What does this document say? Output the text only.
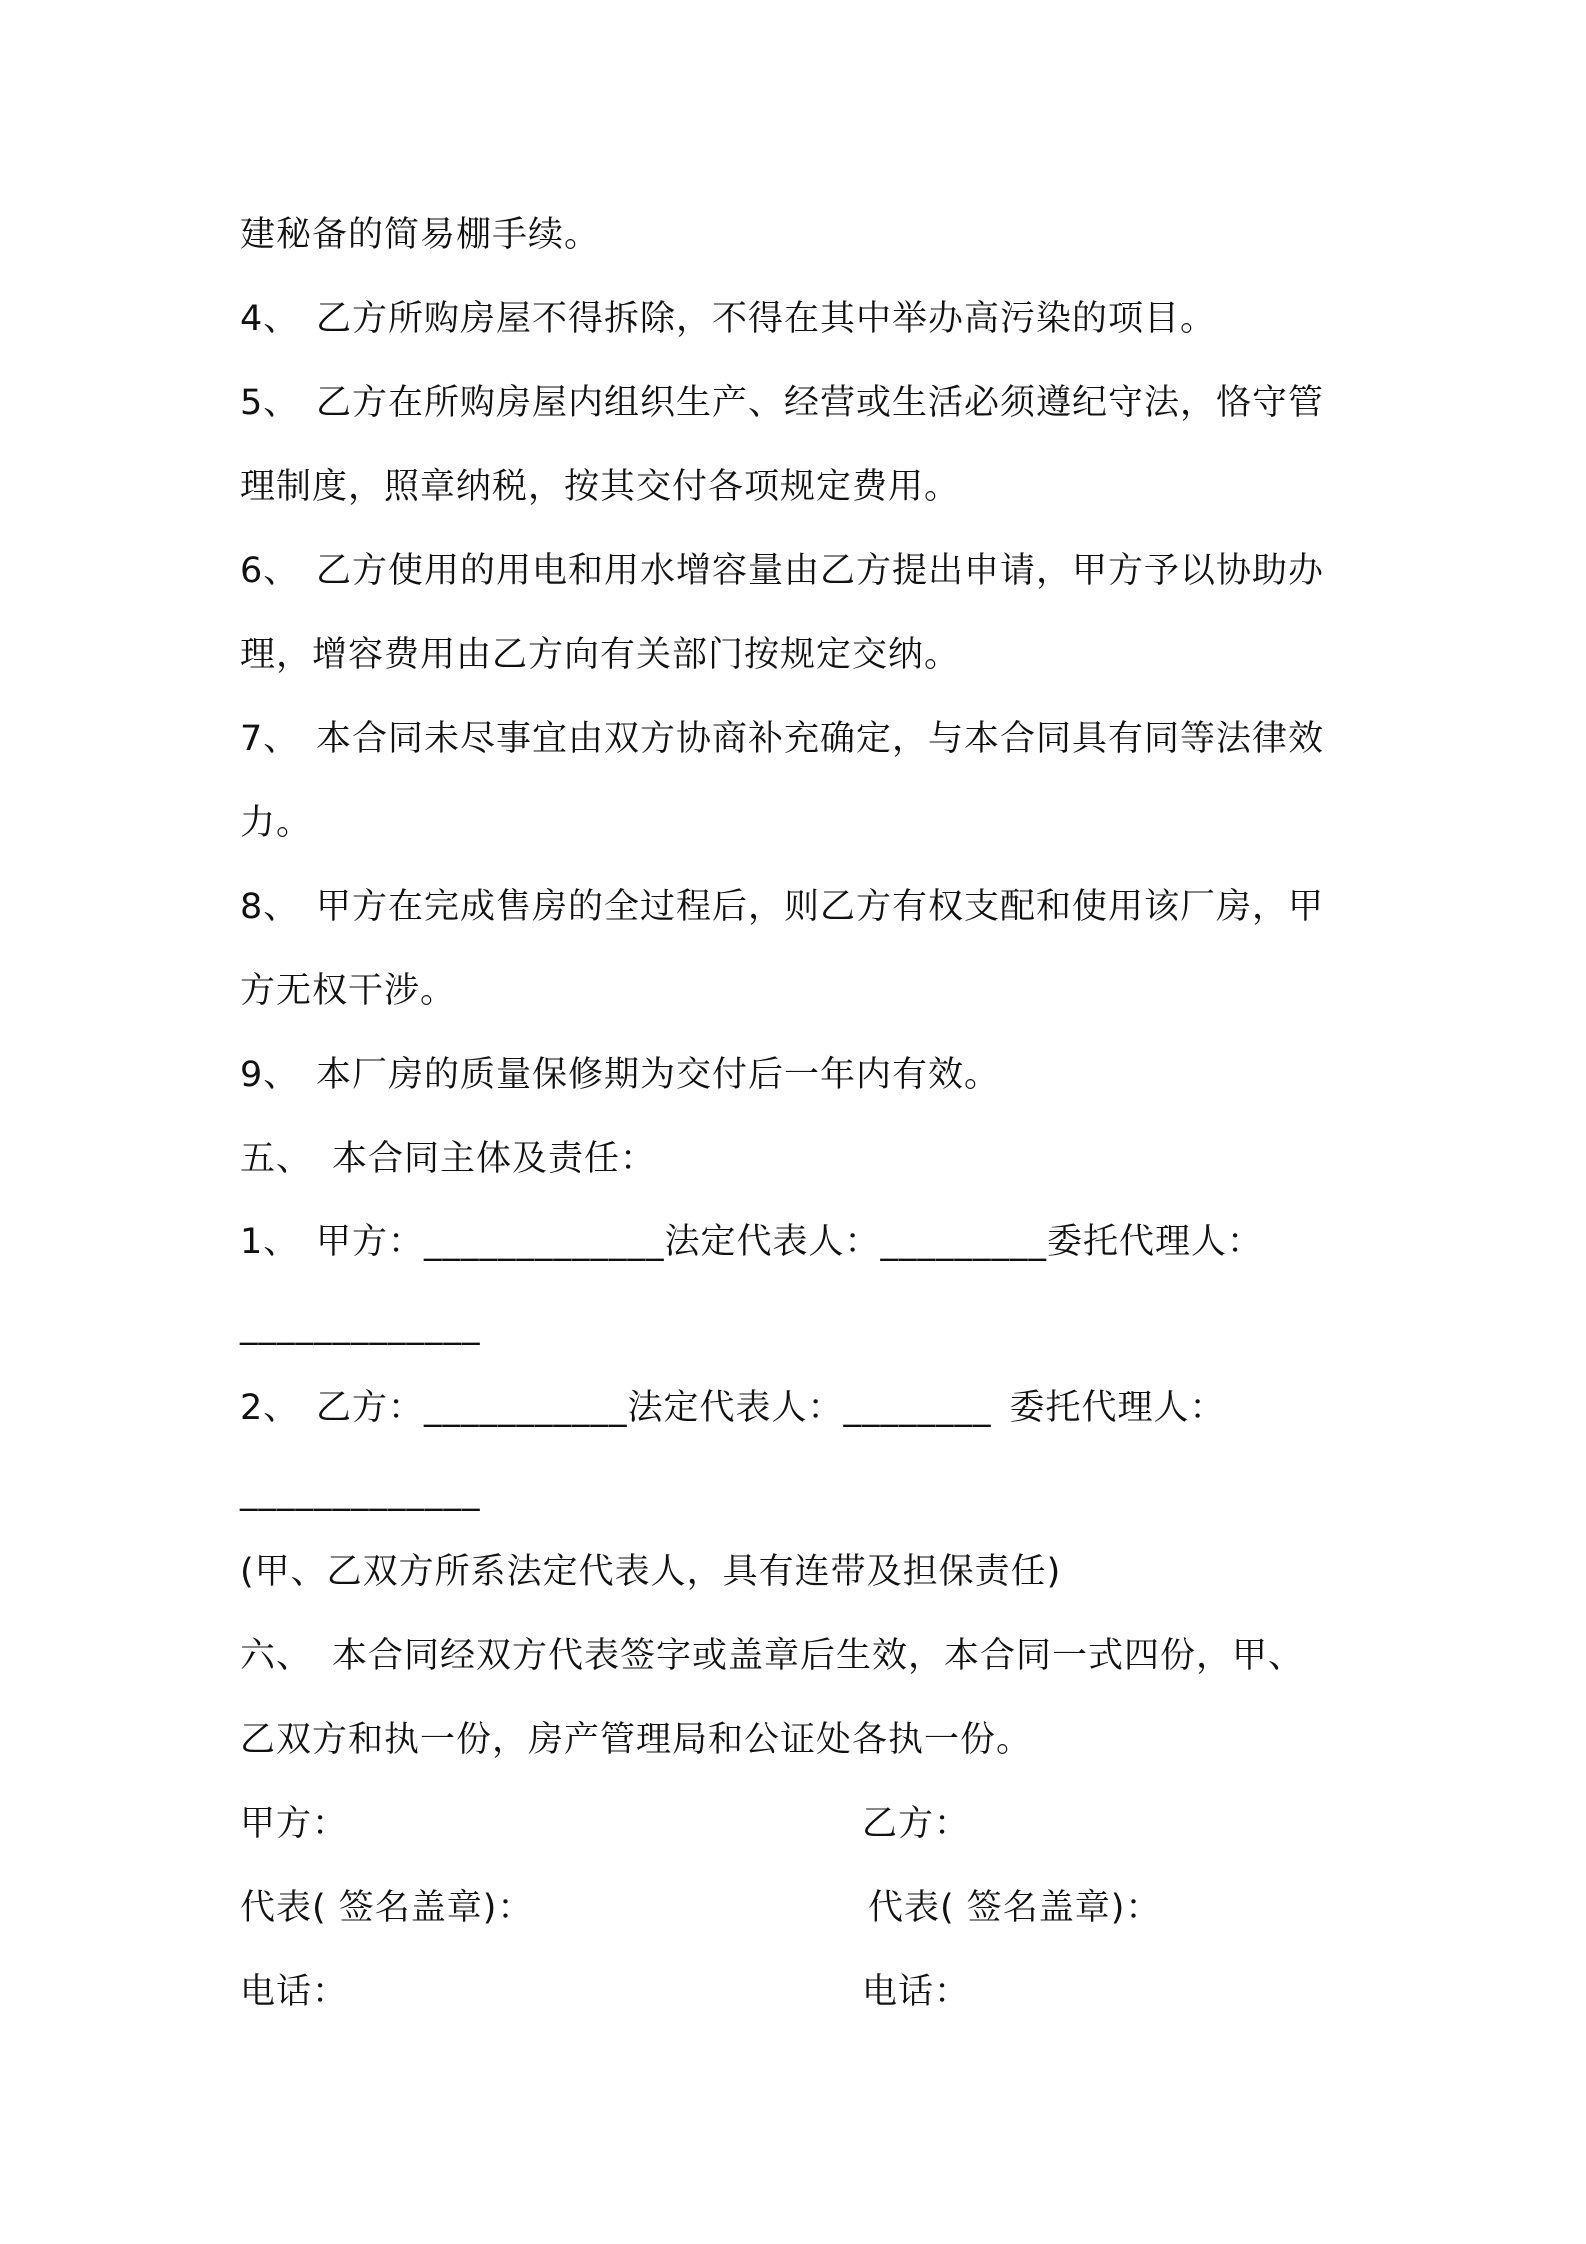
建秘备的简易棚手续。
4、 乙方所购房屋不得拆除，不得在其中举办高污染的项目。
5、 乙方在所购房屋内组织生产、经营或生活必须遵纪守法，恪守管
理制度，照章纳税，按其交付各项规定费用。
6、 乙方使用的用电和用水增容量由乙方提出申请，甲方予以协助办
理，增容费用由乙方向有关部门按规定交纳。
7、 本合同未尽事宜由双方协商补充确定，与本合同具有同等法律效
力。
8、 甲方在完成售房的全过程后，则乙方有权支配和使用该厂房，甲
方无权干涉。
9、 本厂房的质量保修期为交付后一年内有效。
五、 本合同主体及责任：
1、 甲方：_____________法定代表人：_________委托代理人：
_____________
2、 乙方：___________法定代表人：________ 委托代理人：
_____________
(甲、乙双方所系法定代表人，具有连带及担保责任)
六、 本合同经双方代表签字或盖章后生效，本合同一式四份，甲、
乙双方和执一份，房产管理局和公证处各执一份。
甲方：	乙方：
代表( 签名盖章)：	代表( 签名盖章)：
电话：	电话：
